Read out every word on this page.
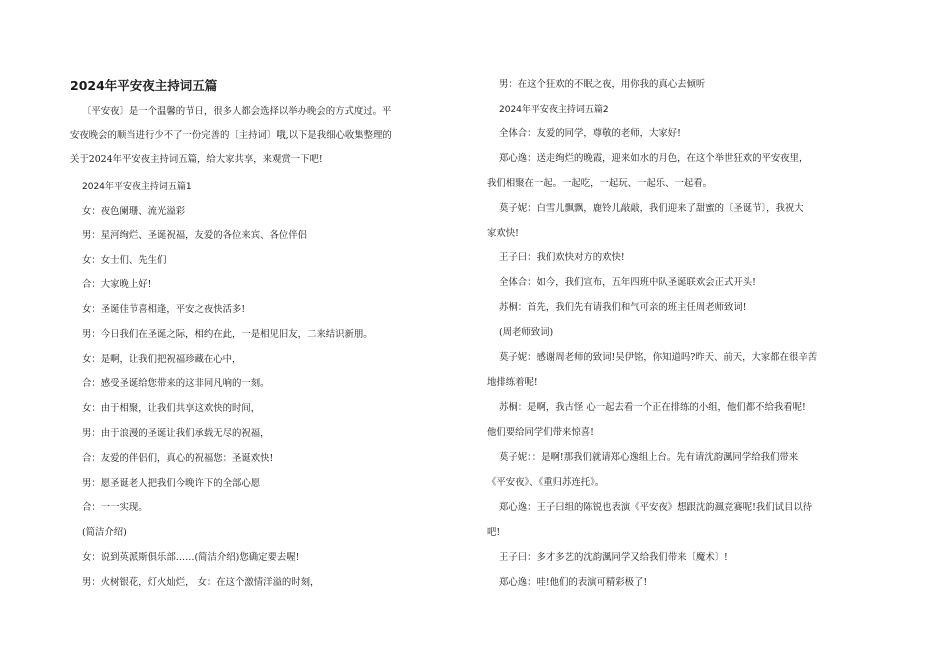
2024年平安夜主持词五篇
〔平安夜〕是一个温馨的节日，很多人都会选择以举办晚会的方式度过。平
安夜晚会的顺当进行少不了一份完善的〔主持词〕哦,以下是我细心收集整理的
关于2024年平安夜主持词五篇，给大家共享，来观赏一下吧!
2024年平安夜主持词五篇1
女：夜色阑珊、流光溢彩
男：星河绚烂、圣诞祝福，友爱的各位来宾、各位伴侣
女：女士们、先生们
合：大家晚上好!
女：圣诞佳节喜相逢，平安之夜快活多!
男：今日我们在圣诞之际，相约在此，一是相见旧友，二来结识新朋。
女：是啊，让我们把祝福珍藏在心中，
合：感受圣诞给您带来的这非同凡响的一刻。
女：由于相聚，让我们共享这欢快的时间，
男：由于浪漫的圣诞让我们承载无尽的祝福，
合：友爱的伴侣们，真心的祝福您：圣诞欢快!
男：愿圣诞老人把我们今晚许下的全部心愿
合：一一实现。
(简洁介绍)
女：说到英派斯俱乐部……(简洁介绍)您确定要去喔!
男：火树银花，灯火灿烂， 女：在这个激情洋溢的时刻，
男：在这个狂欢的不眠之夜，用你我的真心去倾听
2024年平安夜主持词五篇2
全体合：友爱的同学，尊敬的老师，大家好!
郑心逸：送走绚烂的晚霞，迎来如水的月色，在这个举世狂欢的平安夜里，
我们相聚在一起。一起吃，一起玩、一起乐、一起看。
莫子妮：白雪儿飘飘，鹿铃儿敲敲，我们迎来了甜蜜的〔圣诞节〕，我祝大
家欢快!
王子曰：我们欢快对方的欢快!
全体合：如今，我们宣布，五年四班中队圣诞联欢会正式开头!
苏桐：首先，我们先有请我们和气可亲的班主任周老师致词!
(周老师致词)
莫子妮：感谢周老师的致词!吴伊铭，你知道吗?昨天、前天，大家都在很辛苦
地排练着呢!
苏桐：是啊，我古怪 心一起去看一个正在排练的小组，他们都不给我看呢!
他们要给同学们带来惊喜!
莫子妮：：是啊!那我们就请郑心逸组上台。先有请沈韵渢同学给我们带来
《平安夜》、《重归苏连托》。
郑心逸：王子曰组的陈锐也表演《平安夜》想跟沈韵渢竞赛呢!我们试目以待
吧!
王子曰：多才多艺的沈韵渢同学又给我们带来〔魔术〕!
郑心逸：哇!他们的表演可精彩极了!
